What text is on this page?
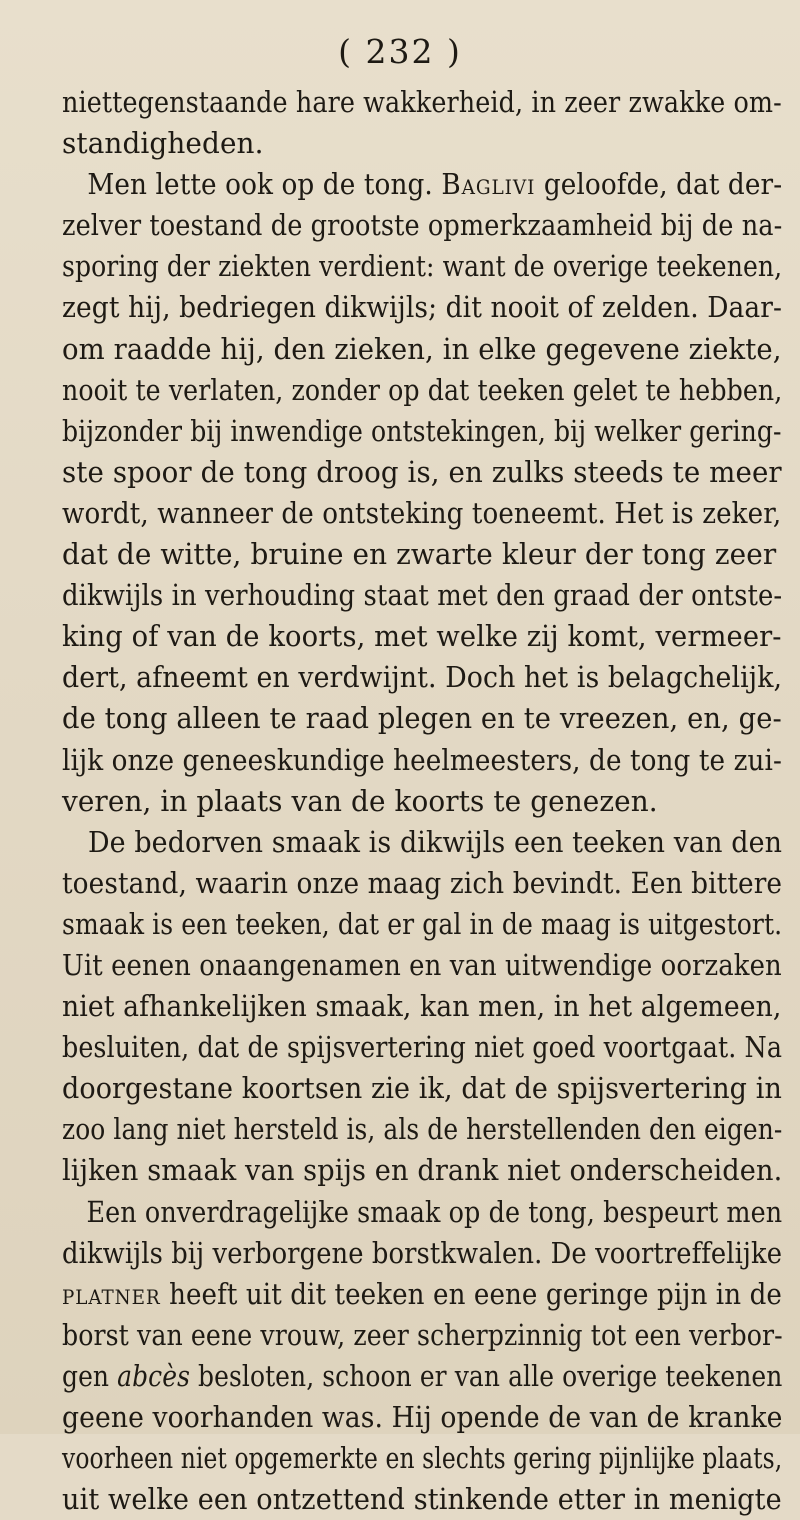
( 232 )
niettegenstaande hare wakkerheid, in zeer zwakke om-
standigheden.
Men lette ook op de tong. Baglivi geloofde, dat der-
zelver toestand de grootste opmerkzaamheid bij de na-
sporing der ziekten verdient: want de overige teekenen,
zegt hij, bedriegen dikwijls; dit nooit of zelden. Daar-
om raadde hij, den zieken, in elke gegevene ziekte,
nooit te verlaten, zonder op dat teeken gelet te hebben,
bijzonder bij inwendige ontstekingen, bij welker gering-
ste spoor de tong droog is, en zulks steeds te meer
wordt, wanneer de ontsteking toeneemt. Het is zeker,
dat de witte, bruine en zwarte kleur der tong zeer
dikwijls in verhouding staat met den graad der ontste-
king of van de koorts, met welke zij komt, vermeer-
dert, afneemt en verdwijnt. Doch het is belagchelijk,
de tong alleen te raad plegen en te vreezen, en, ge-
lijk onze geneeskundige heelmeesters, de tong te zui-
veren, in plaats van de koorts te genezen.
De bedorven smaak is dikwijls een teeken van den
toestand, waarin onze maag zich bevindt. Een bittere
smaak is een teeken, dat er gal in de maag is uitgestort.
Uit eenen onaangenamen en van uitwendige oorzaken
niet afhankelijken smaak, kan men, in het algemeen,
besluiten, dat de spijsvertering niet goed voortgaat. Na
doorgestane koortsen zie ik, dat de spijsvertering in
zoo lang niet hersteld is, als de herstellenden den eigen-
lijken smaak van spijs en drank niet onderscheiden.
Een onverdragelijke smaak op de tong, bespeurt men
dikwijls bij verborgene borstkwalen. De voortreffelijke
platner heeft uit dit teeken en eene geringe pijn in de
borst van eene vrouw, zeer scherpzinnig tot een verbor-
gen abcès besloten, schoon er van alle overige teekenen
geene voorhanden was. Hij opende de van de kranke
voorheen niet opgemerkte en slechts gering pijnlijke plaats,
uit welke een ontzettend stinkende etter in menigte
